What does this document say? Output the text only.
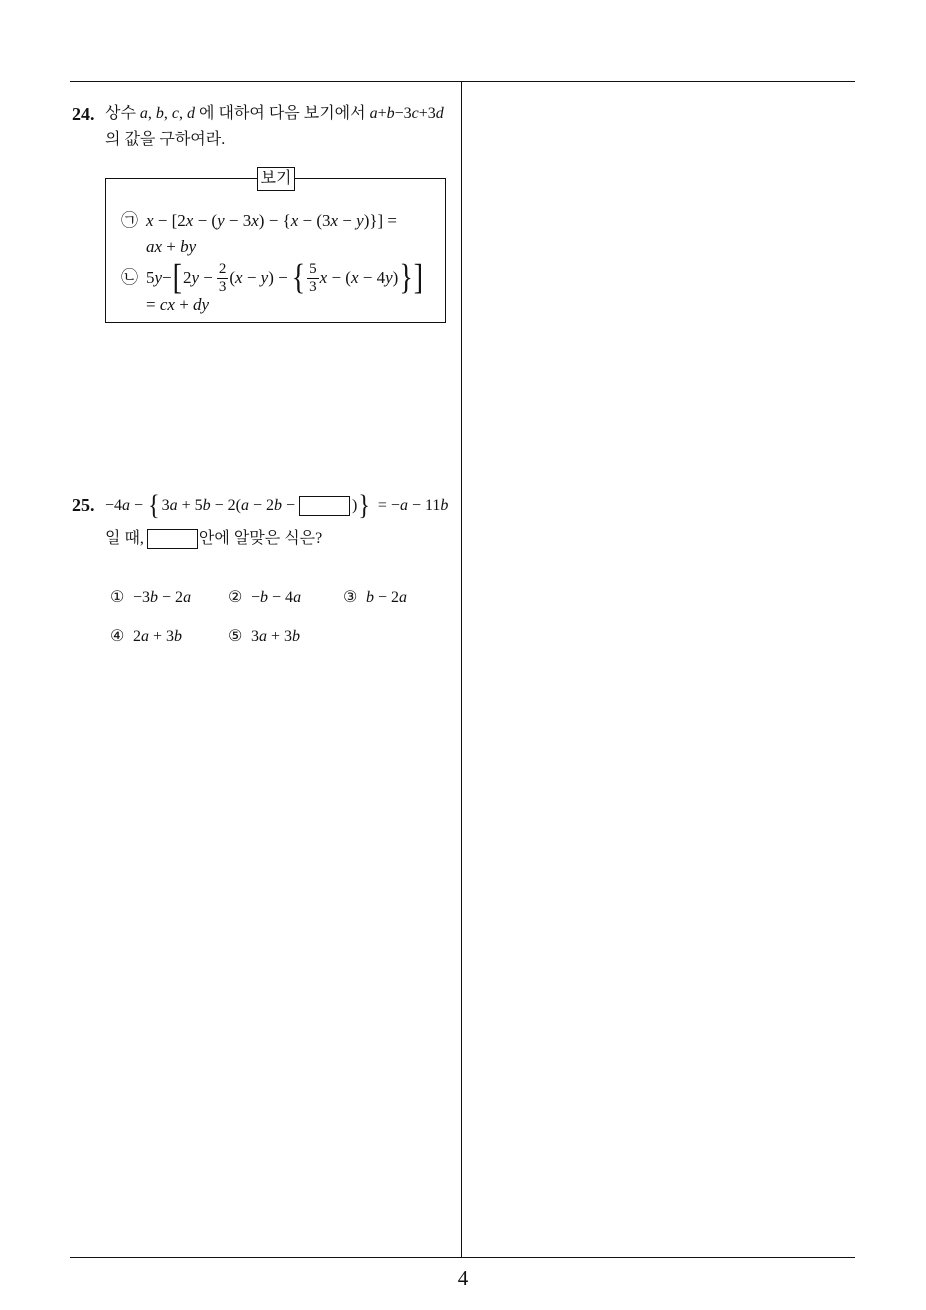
24. 상수 a, b, c, d 에 대하여 다음 보기에서 a+b−3c+3d
의 값을 구하여라.
보기
㉠ x − [2x − (y − 3x) − {x − (3x − y)}] =
ax + by
㉡ 5y− [ $2y - \frac{2}{3} (x - y)$ − { $\frac{5}{3}$ x − (x − 4y) } ]
= cx + dy
25. −4a − { 3a + 5b − 2(a − 2b −	) } = −a − 11b
일 때,	안에 알맞은 식은?
① −3b − 2a ② −b − 4a	③ b − 2a
④ 2a + 3b	⑤ 3a + 3b
4
